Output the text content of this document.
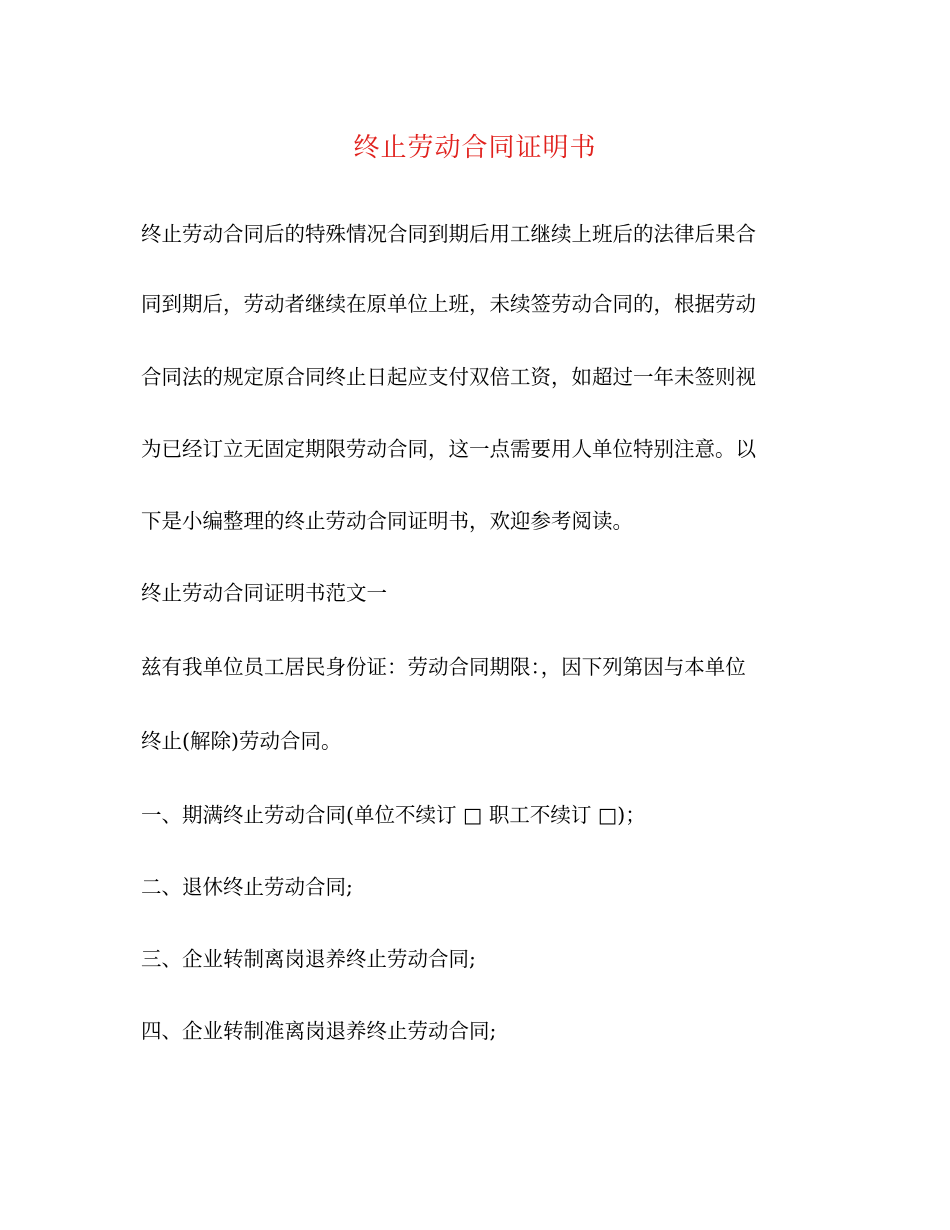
终止劳动合同证明书
终止劳动合同后的特殊情况合同到期后用工继续上班后的法律后果合
同到期后，劳动者继续在原单位上班，未续签劳动合同的，根据劳动
合同法的规定原合同终止日起应支付双倍工资，如超过一年未签则视
为已经订立无固定期限劳动合同，这一点需要用人单位特别注意。以
下是小编整理的终止劳动合同证明书，欢迎参考阅读。
终止劳动合同证明书范文一
兹有我单位员工居民身份证：劳动合同期限：，因下列第因与本单位
终止(解除)劳动合同。
一、期满终止劳动合同(单位不续订 □ 职工不续订 □)；
二、退休终止劳动合同;
三、企业转制离岗退养终止劳动合同;
四、企业转制准离岗退养终止劳动合同;
